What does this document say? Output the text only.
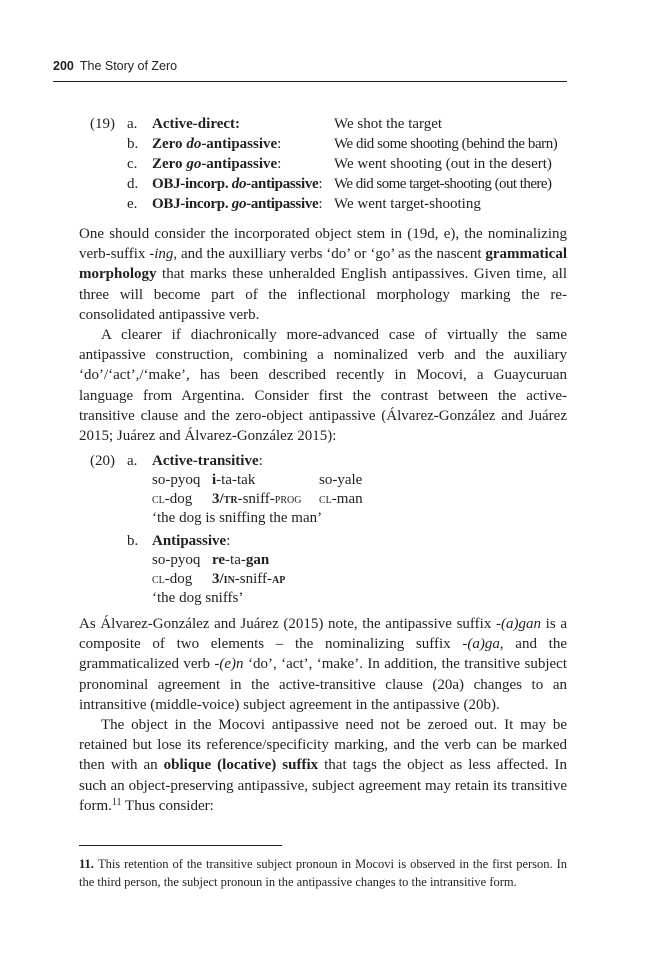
200 The Story of Zero
(19) a. Active-direct:	We shot the target
b. Zero do-antipassive:	We did some shooting (behind the barn)
c. Zero go-antipassive:	We went shooting (out in the desert)
d. OBJ-incorp. do-antipassive: We did some target-shooting (out there)
e. OBJ-incorp. go-antipassive: We went target-shooting
One should consider the incorporated object stem in (19d, e), the nominalizing verb-suffix -ing, and the auxilliary verbs ‘do’ or ‘go’ as the nascent grammatical morphology that marks these unheralded English antipassives. Given time, all three will become part of the inflectional morphology marking the re-consolidated antipassive verb.
A clearer if diachronically more-advanced case of virtually the same antipassive construction, combining a nominalized verb and the auxiliary ‘do’/‘act’,/‘make’, has been described recently in Mocovi, a Guaycuruan language from Argentina. Consider first the contrast between the active-transitive clause and the zero-object antipassive (Álvarez-González and Juárez 2015; Juárez and Álvarez-González 2015):
(20) a. Active-transitive:
so-pyoq i-ta-tak	so-yale
cl-dog 3/tr-sniff-prog cl-man
‘the dog is sniffing the man’
b. Antipassive:
so-pyoq re-ta-gan
cl-dog 3/in-sniff-ap
‘the dog sniffs’
As Álvarez-González and Juárez (2015) note, the antipassive suffix -(a)gan is a composite of two elements – the nominalizing suffix -(a)ga, and the grammaticalized verb -(e)n ‘do’, ‘act’, ‘make’. In addition, the transitive subject pronominal agreement in the active-transitive clause (20a) changes to an intransitive (middle-voice) subject agreement in the antipassive (20b).
The object in the Mocovi antipassive need not be zeroed out. It may be retained but lose its reference/specificity marking, and the verb can be marked then with an oblique (locative) suffix that tags the object as less affected. In such an object-preserving antipassive, subject agreement may retain its transitive form.$^{11}$ Thus consider:
11. This retention of the transitive subject pronoun in Mocovi is observed in the first person. In the third person, the subject pronoun in the antipassive changes to the intransitive form.
